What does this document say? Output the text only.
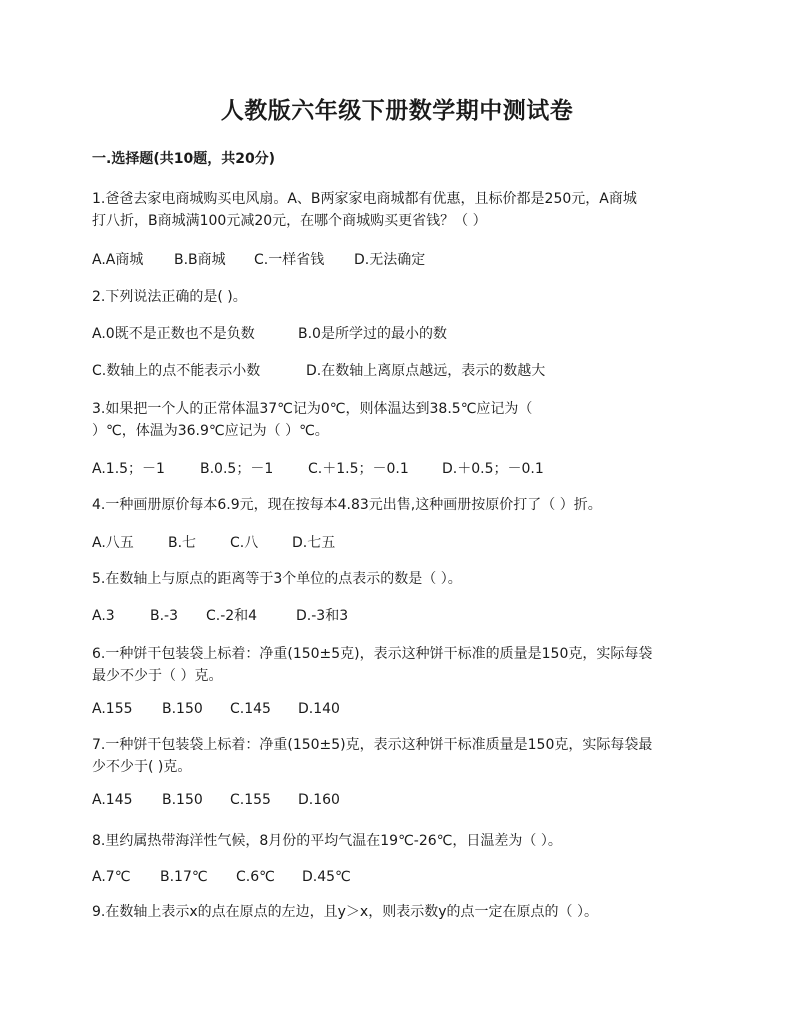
人教版六年级下册数学期中测试卷
一.选择题(共10题，共20分)
1.爸爸去家电商城购买电风扇。A、B两家家电商城都有优惠，且标价都是250元，A商城
打八折，B商城满100元减20元，在哪个商城购买更省钱？（ ）
A.A商城 B.B商城 C.一样省钱 D.无法确定
2.下列说法正确的是( )。
A.0既不是正数也不是负数	B.0是所学过的最小的数
C.数轴上的点不能表示小数	D.在数轴上离原点越远，表示的数越大
3.如果把一个人的正常体温37℃记为0℃，则体温达到38.5℃应记为（
）℃，体温为36.9℃应记为（ ）℃。
A.1.5；－1	B.0.5；－1 C.＋1.5；－0.1 D.＋0.5；－0.1
4.一种画册原价每本6.9元，现在按每本4.83元出售,这种画册按原价打了（ ）折。
A.八五 B.七 C.八 D.七五
5.在数轴上与原点的距离等于3个单位的点表示的数是（ ）。
A.3	B.-3 C.-2和4	D.-3和3
6.一种饼干包装袋上标着：净重(150±5克)，表示这种饼干标准的质量是150克，实际每袋
最少不少于（ ）克。
A.155 B.150 C.145 D.140
7.一种饼干包装袋上标着：净重(150±5)克，表示这种饼干标准质量是150克，实际每袋最
少不少于( )克。
A.145 B.150 C.155 D.160
8.里约属热带海洋性气候，8月份的平均气温在19℃-26℃，日温差为（ ）。
A.7℃ B.17℃ C.6℃ D.45℃
9.在数轴上表示x的点在原点的左边，且y＞x，则表示数y的点一定在原点的（ ）。
